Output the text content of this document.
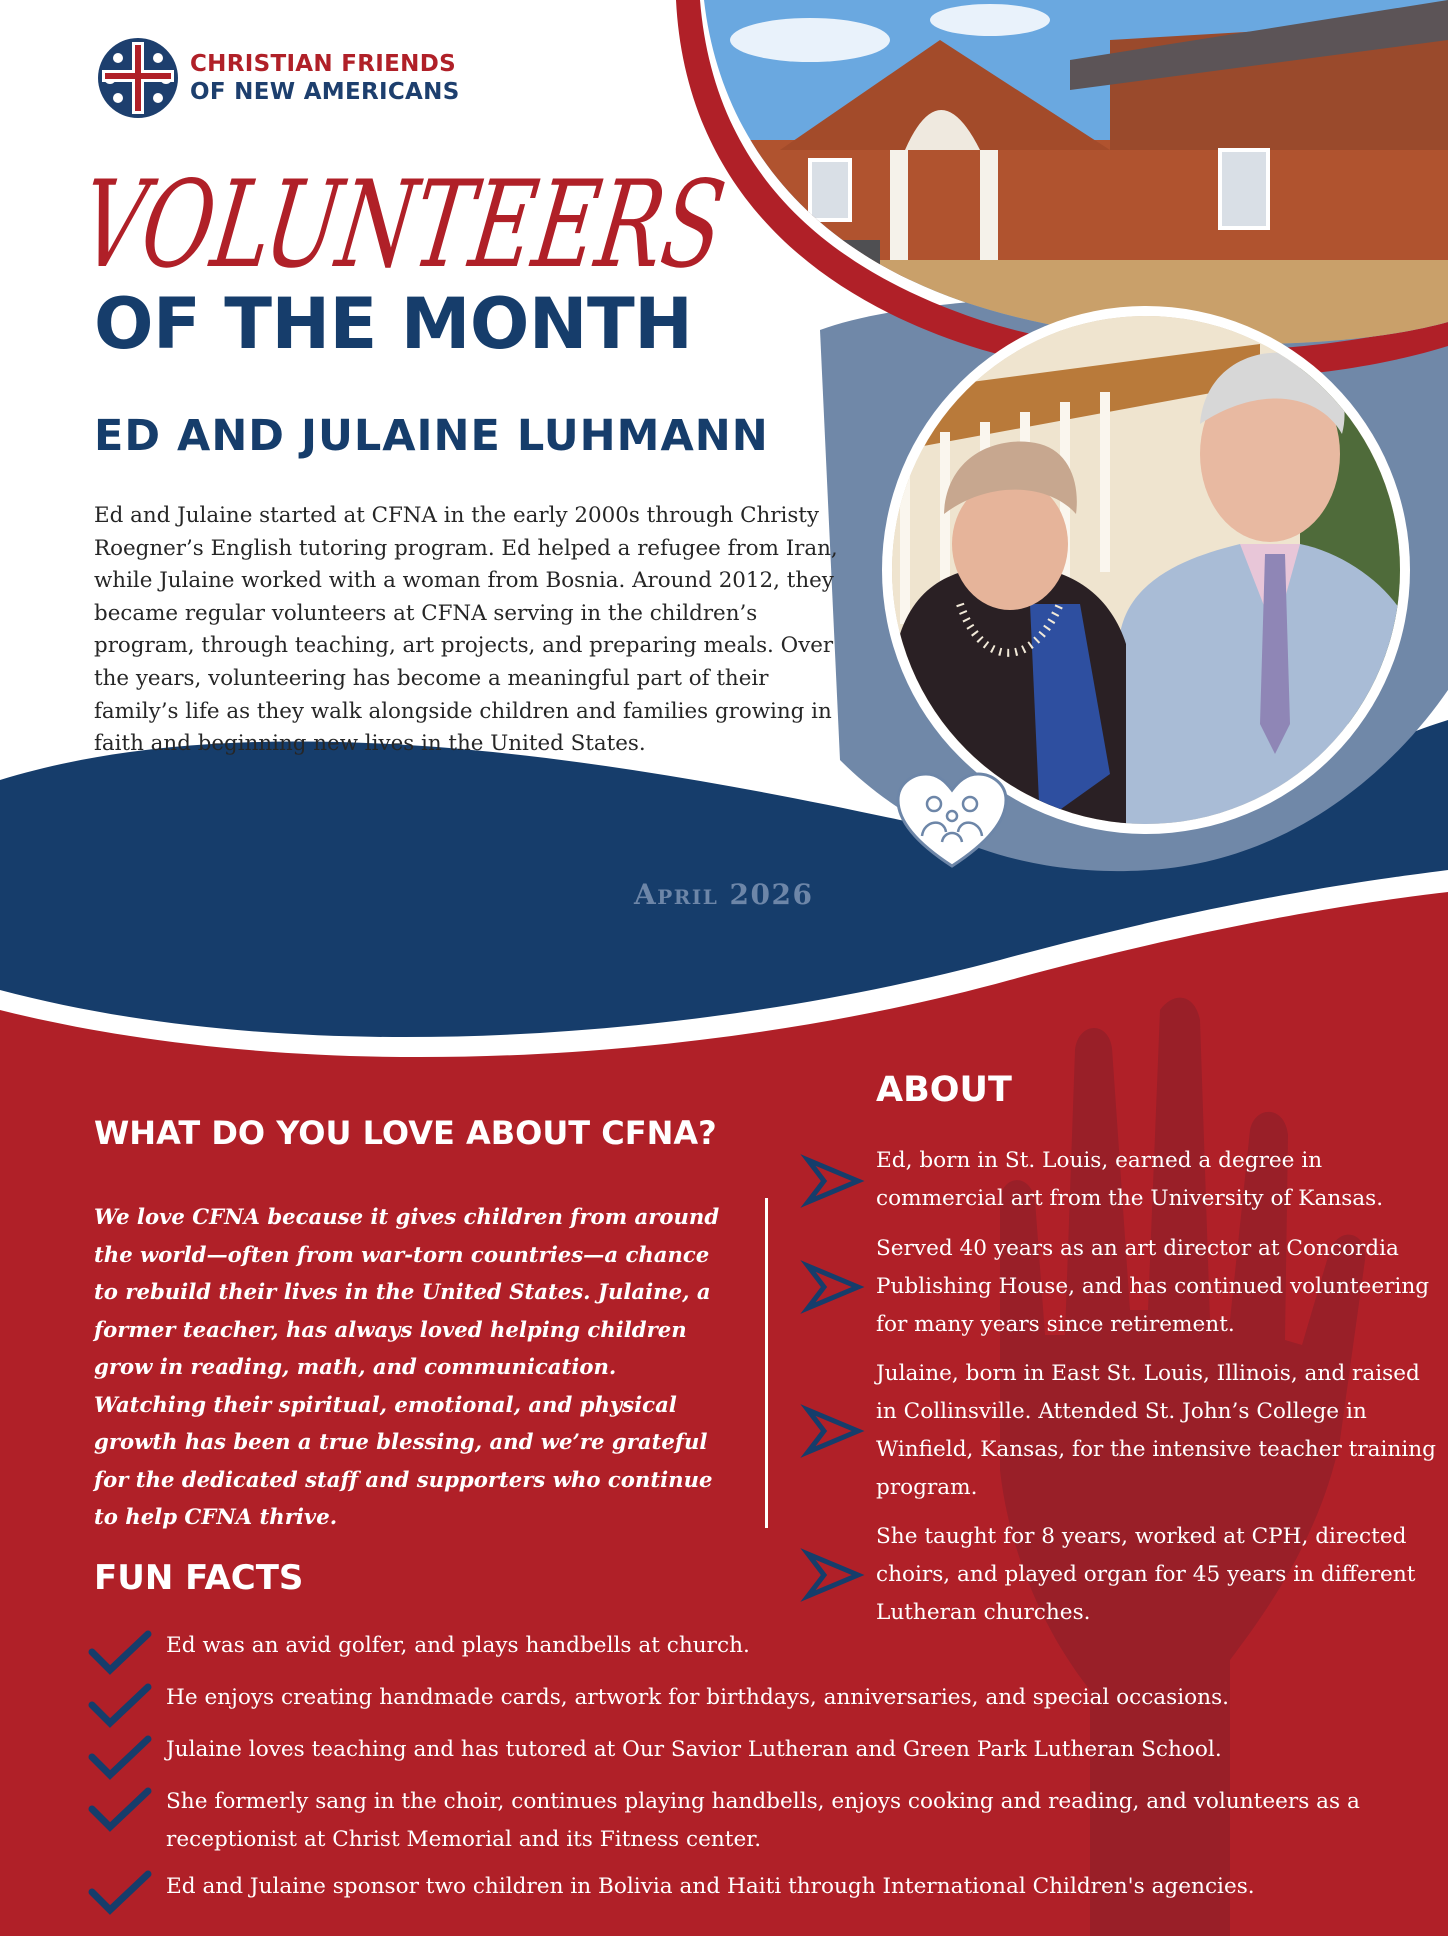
CHRISTIAN FRIENDS
OF NEW AMERICANS
VOLUNTEERS
OF THE MONTH
ED AND JULAINE LUHMANN
Ed and Julaine started at CFNA in the early 2000s through Christy Roegner’s English tutoring program. Ed helped a refugee from Iran, while Julaine worked with a woman from Bosnia. Around 2012, they became regular volunteers at CFNA serving in the children’s program, through teaching, art projects, and preparing meals. Over the years, volunteering has become a meaningful part of their family’s life as they walk alongside children and families growing in faith and beginning new lives in the United States.
April 2026
WHAT DO YOU LOVE ABOUT CFNA?
We love CFNA because it gives children from around the world—often from war-torn countries—a chance to rebuild their lives in the United States. Julaine, a former teacher, has always loved helping children grow in reading, math, and communication. Watching their spiritual, emotional, and physical growth has been a true blessing, and we’re grateful for the dedicated staff and supporters who continue to help CFNA thrive.
ABOUT
Ed, born in St. Louis, earned a degree in commercial art from the University of Kansas.
Served 40 years as an art director at Concordia Publishing House, and has continued volunteering for many years since retirement.
Julaine, born in East St. Louis, Illinois, and raised in Collinsville. Attended St. John’s College in Winfield, Kansas, for the intensive teacher training program.
She taught for 8 years, worked at CPH, directed choirs, and played organ for 45 years in different Lutheran churches.
FUN FACTS
Ed was an avid golfer, and plays handbells at church.
He enjoys creating handmade cards, artwork for birthdays, anniversaries, and special occasions.
Julaine loves teaching and has tutored at Our Savior Lutheran and Green Park Lutheran School.
She formerly sang in the choir, continues playing handbells, enjoys cooking and reading, and volunteers as a receptionist at Christ Memorial and its Fitness center.
Ed and Julaine sponsor two children in Bolivia and Haiti through International Children's agencies.
